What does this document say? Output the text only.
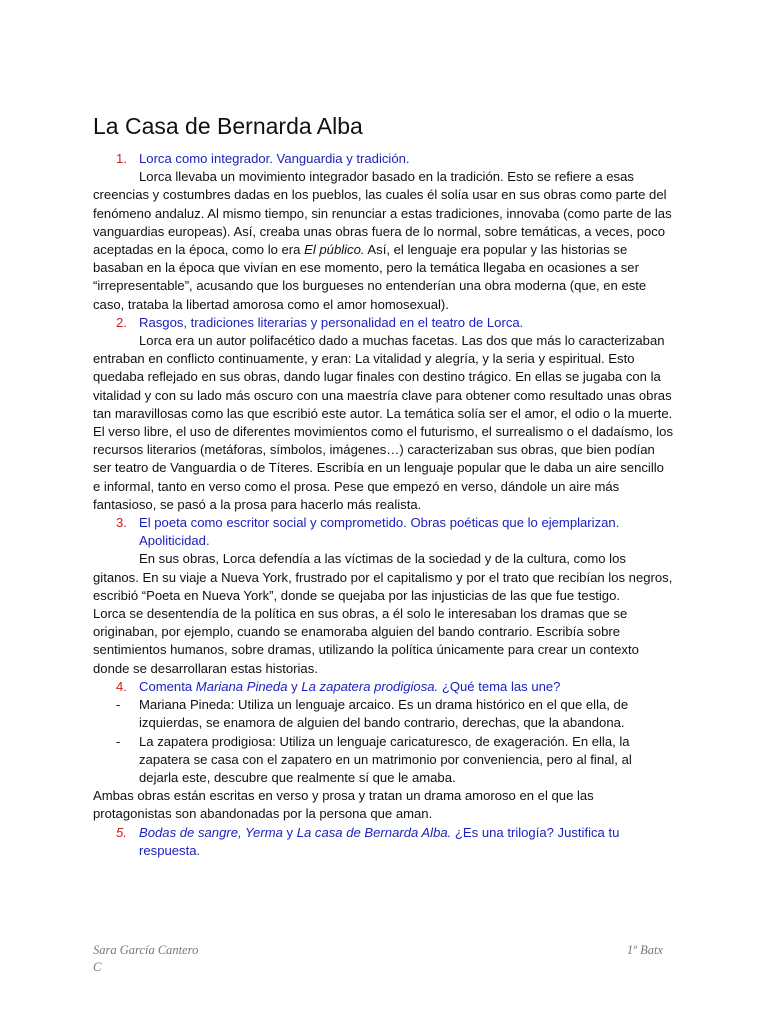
La Casa de Bernarda Alba
1. Lorca como integrador. Vanguardia y tradición.

Lorca llevaba un movimiento integrador basado en la tradición. Esto se refiere a esas creencias y costumbres dadas en los pueblos, las cuales él solía usar en sus obras como parte del fenómeno andaluz. Al mismo tiempo, sin renunciar a estas tradiciones, innovaba (como parte de las vanguardias europeas). Así, creaba unas obras fuera de lo normal, sobre temáticas, a veces, poco aceptadas en la época, como lo era El público. Así, el lenguaje era popular y las historias se basaban en la época que vivían en ese momento, pero la temática llegaba en ocasiones a ser “irrepresentable”, acusando que los burgueses no entenderían una obra moderna (que, en este caso, trataba la libertad amorosa como el amor homosexual).

2. Rasgos, tradiciones literarias y personalidad en el teatro de Lorca.

Lorca era un autor polifacético dado a muchas facetas. Las dos que más lo caracterizaban entraban en conflicto continuamente, y eran: La vitalidad y alegría, y la seria y espiritual. Esto quedaba reflejado en sus obras, dando lugar finales con destino trágico. En ellas se jugaba con la vitalidad y con su lado más oscuro con una maestría clave para obtener como resultado unas obras tan maravillosas como las que escribió este autor. La temática solía ser el amor, el odio o la muerte. El verso libre, el uso de diferentes movimientos como el futurismo, el surrealismo o el dadaísmo, los recursos literarios (metáforas, símbolos, imágenes…) caracterizaban sus obras, que bien podían ser teatro de Vanguardia o de Títeres. Escribía en un lenguaje popular que le daba un aire sencillo e informal, tanto en verso como el prosa. Pese que empezó en verso, dándole un aire más fantasioso, se pasó a la prosa para hacerlo más realista.

3. El poeta como escritor social y comprometido. Obras poéticas que lo ejemplarizan. Apoliticidad.

En sus obras, Lorca defendía a las víctimas de la sociedad y de la cultura, como los gitanos. En su viaje a Nueva York, frustrado por el capitalismo y por el trato que recibían los negros, escribió “Poeta en Nueva York”, donde se quejaba por las injusticias de las que fue testigo.

Lorca se desentendía de la política en sus obras, a él solo le interesaban los dramas que se originaban, por ejemplo, cuando se enamoraba alguien del bando contrario. Escribía sobre sentimientos humanos, sobre dramas, utilizando la política únicamente para crear un contexto donde se desarrollaran estas historias.

4. Comenta Mariana Pineda y La zapatera prodigiosa. ¿Qué tema las une?
- Mariana Pineda: Utiliza un lenguaje arcaico. Es un drama histórico en el que ella, de izquierdas, se enamora de alguien del bando contrario, derechas, que la abandona.
- La zapatera prodigiosa: Utiliza un lenguaje caricaturesco, de exageración. En ella, la zapatera se casa con el zapatero en un matrimonio por conveniencia, pero al final, al dejarla este, descubre que realmente sí que le amaba.

Ambas obras están escritas en verso y prosa y tratan un drama amoroso en el que las protagonistas son abandonadas por la persona que aman.

5. Bodas de sangre, Yerma y La casa de Bernarda Alba. ¿Es una trilogía? Justifica tu respuesta.
Sara García Cantero	1º Batx
C
